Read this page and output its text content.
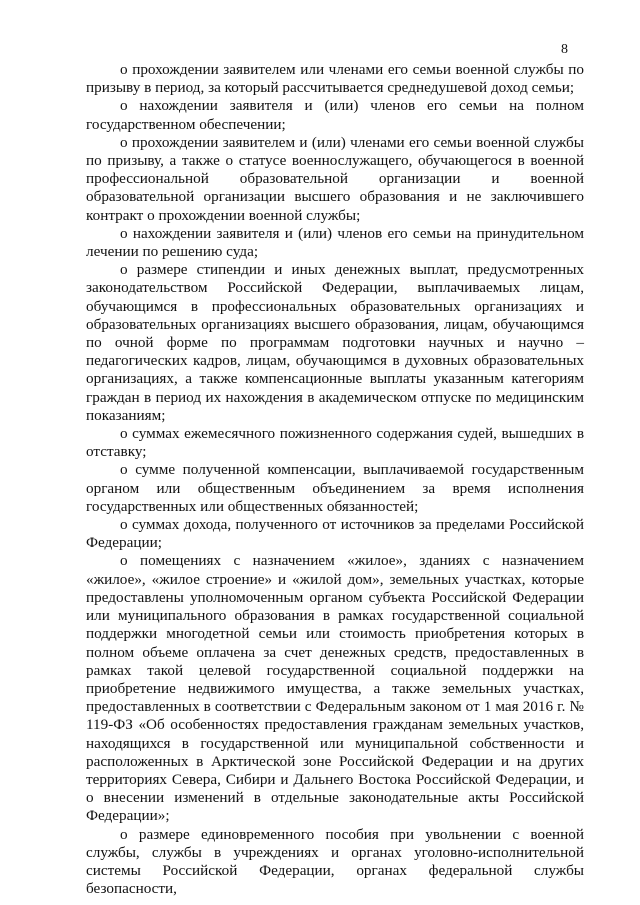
8

о прохождении заявителем или членами его семьи военной службы по призыву в период, за который рассчитывается среднедушевой доход семьи;

о нахождении заявителя и (или) членов его семьи на полном государственном обеспечении;

о прохождении заявителем и (или) членами его семьи военной службы по призыву, а также о статусе военнослужащего, обучающегося в военной профессиональной образовательной организации и военной образовательной организации высшего образования и не заключившего контракт о прохождении военной службы;

о нахождении заявителя и (или) членов его семьи на принудительном лечении по решению суда;

о размере стипендии и иных денежных выплат, предусмотренных законодательством Российской Федерации, выплачиваемых лицам, обучающимся в профессиональных образовательных организациях и образовательных организациях высшего образования, лицам, обучающимся по очной форме по программам подготовки научных и научно – педагогических кадров, лицам, обучающимся в духовных образовательных организациях, а также компенсационные выплаты указанным категориям граждан в период их нахождения в академическом отпуске по медицинским показаниям;

о суммах ежемесячного пожизненного содержания судей, вышедших в отставку;

о сумме полученной компенсации, выплачиваемой государственным органом или общественным объединением за время исполнения государственных или общественных обязанностей;

о суммах дохода, полученного от источников за пределами Российской Федерации;

о помещениях с назначением «жилое», зданиях с назначением «жилое», «жилое строение» и «жилой дом», земельных участках, которые предоставлены уполномоченным органом субъекта Российской Федерации или муниципального образования в рамках государственной социальной поддержки многодетной семьи или стоимость приобретения которых в полном объеме оплачена за счет денежных средств, предоставленных в рамках такой целевой государственной социальной поддержки на приобретение недвижимого имущества, а также земельных участках, предоставленных в соответствии с Федеральным законом от 1 мая 2016 г. № 119-ФЗ «Об особенностях предоставления гражданам земельных участков, находящихся в государственной или муниципальной собственности и расположенных в Арктической зоне Российской Федерации и на других территориях Севера, Сибири и Дальнего Востока Российской Федерации, и о внесении изменений в отдельные законодательные акты Российской Федерации»;

о размере единовременного пособия при увольнении с военной службы, службы в учреждениях и органах уголовно-исполнительной системы Российской Федерации, органах федеральной службы безопасности,
